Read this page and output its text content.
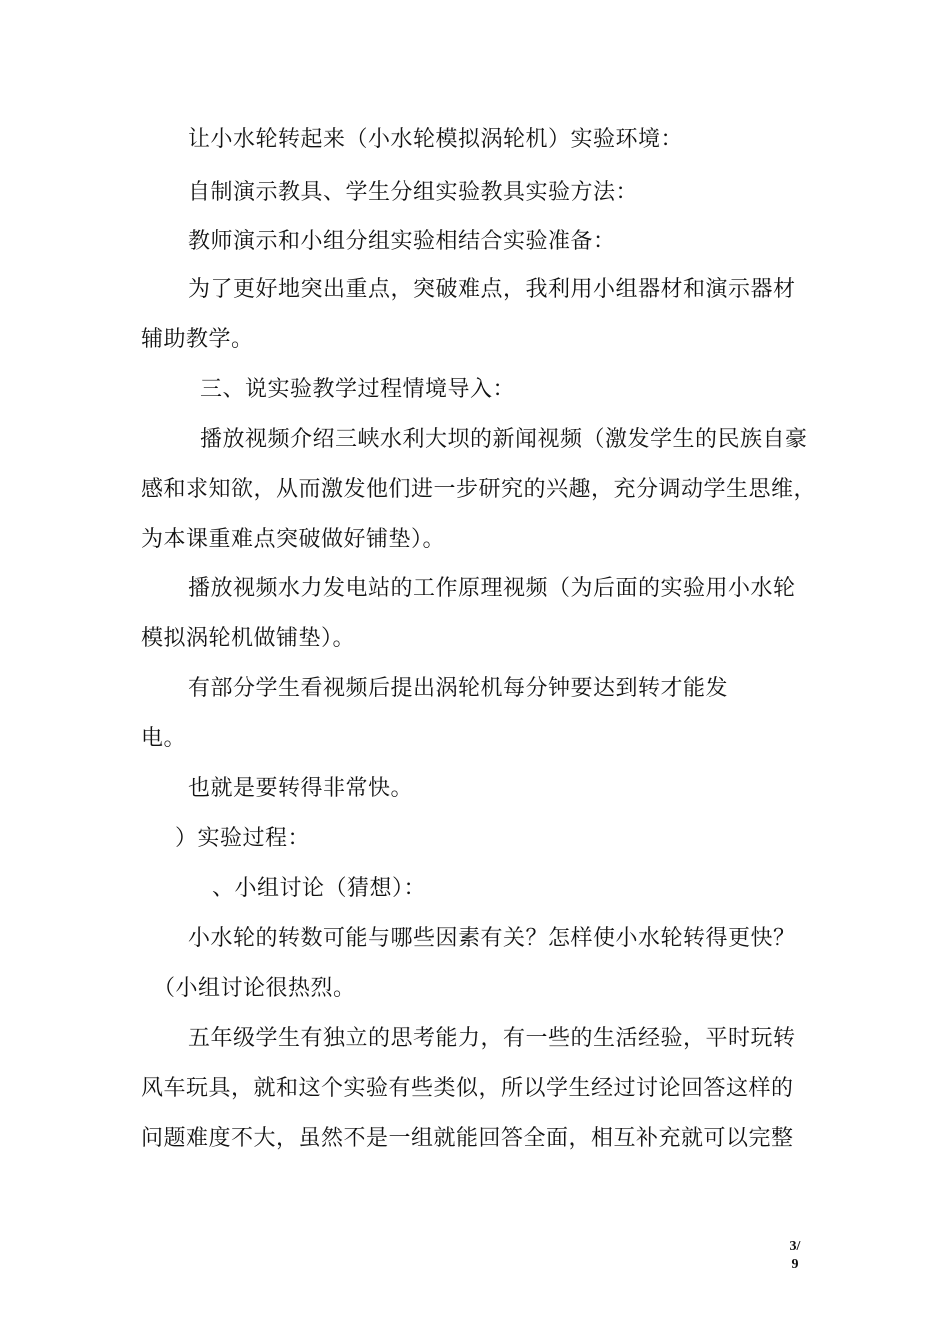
让小水轮转起来（小水轮模拟涡轮机）实验环境：
自制演示教具、学生分组实验教具实验方法：
教师演示和小组分组实验相结合实验准备：
为了更好地突出重点，突破难点，我利用小组器材和演示器材
辅助教学。
三、说实验教学过程情境导入：
播放视频介绍三峡水利大坝的新闻视频（激发学生的民族自豪
感和求知欲，从而激发他们进一步研究的兴趣，充分调动学生思维，
为本课重难点突破做好铺垫）。
播放视频水力发电站的工作原理视频（为后面的实验用小水轮
模拟涡轮机做铺垫）。
有部分学生看视频后提出涡轮机每分钟要达到转才能发
电。
也就是要转得非常快。
）实验过程：
、小组讨论（猜想）：
小水轮的转数可能与哪些因素有关？怎样使小水轮转得更快？
（小组讨论很热烈。
五年级学生有独立的思考能力，有一些的生活经验，平时玩转
风车玩具，就和这个实验有些类似，所以学生经过讨论回答这样的
问题难度不大，虽然不是一组就能回答全面，相互补充就可以完整
3/
9
